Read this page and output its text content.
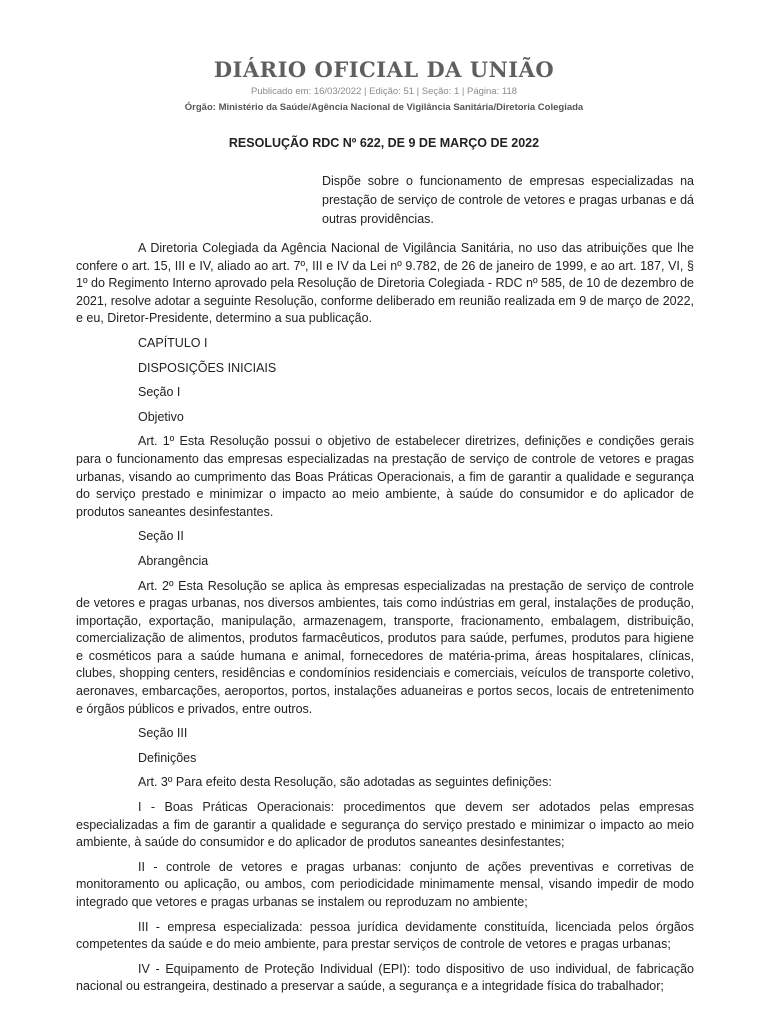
DIÁRIO OFICIAL DA UNIÃO
Publicado em: 16/03/2022 | Edição: 51 | Seção: 1 | Página: 118
Órgão: Ministério da Saúde/Agência Nacional de Vigilância Sanitária/Diretoria Colegiada
RESOLUÇÃO RDC Nº 622, DE 9 DE MARÇO DE 2022
Dispõe sobre o funcionamento de empresas especializadas na prestação de serviço de controle de vetores e pragas urbanas e dá outras providências.

A Diretoria Colegiada da Agência Nacional de Vigilância Sanitária, no uso das atribuições que lhe confere o art. 15, III e IV, aliado ao art. 7º, III e IV da Lei nº 9.782, de 26 de janeiro de 1999, e ao art. 187, VI, § 1º do Regimento Interno aprovado pela Resolução de Diretoria Colegiada - RDC nº 585, de 10 de dezembro de 2021, resolve adotar a seguinte Resolução, conforme deliberado em reunião realizada em 9 de março de 2022, e eu, Diretor-Presidente, determino a sua publicação.

CAPÍTULO I
DISPOSIÇÕES INICIAIS
Seção I
Objetivo

Art. 1º Esta Resolução possui o objetivo de estabelecer diretrizes, definições e condições gerais para o funcionamento das empresas especializadas na prestação de serviço de controle de vetores e pragas urbanas, visando ao cumprimento das Boas Práticas Operacionais, a fim de garantir a qualidade e segurança do serviço prestado e minimizar o impacto ao meio ambiente, à saúde do consumidor e do aplicador de produtos saneantes desinfestantes.

Seção II
Abrangência

Art. 2º Esta Resolução se aplica às empresas especializadas na prestação de serviço de controle de vetores e pragas urbanas, nos diversos ambientes, tais como indústrias em geral, instalações de produção, importação, exportação, manipulação, armazenagem, transporte, fracionamento, embalagem, distribuição, comercialização de alimentos, produtos farmacêuticos, produtos para saúde, perfumes, produtos para higiene e cosméticos para a saúde humana e animal, fornecedores de matéria-prima, áreas hospitalares, clínicas, clubes, shopping centers, residências e condomínios residenciais e comerciais, veículos de transporte coletivo, aeronaves, embarcações, aeroportos, portos, instalações aduaneiras e portos secos, locais de entretenimento e órgãos públicos e privados, entre outros.

Seção III
Definições

Art. 3º Para efeito desta Resolução, são adotadas as seguintes definições:

I - Boas Práticas Operacionais: procedimentos que devem ser adotados pelas empresas especializadas a fim de garantir a qualidade e segurança do serviço prestado e minimizar o impacto ao meio ambiente, à saúde do consumidor e do aplicador de produtos saneantes desinfestantes;

II - controle de vetores e pragas urbanas: conjunto de ações preventivas e corretivas de monitoramento ou aplicação, ou ambos, com periodicidade minimamente mensal, visando impedir de modo integrado que vetores e pragas urbanas se instalem ou reproduzam no ambiente;

III - empresa especializada: pessoa jurídica devidamente constituída, licenciada pelos órgãos competentes da saúde e do meio ambiente, para prestar serviços de controle de vetores e pragas urbanas;

IV - Equipamento de Proteção Individual (EPI): todo dispositivo de uso individual, de fabricação nacional ou estrangeira, destinado a preservar a saúde, a segurança e a integridade física do trabalhador;
